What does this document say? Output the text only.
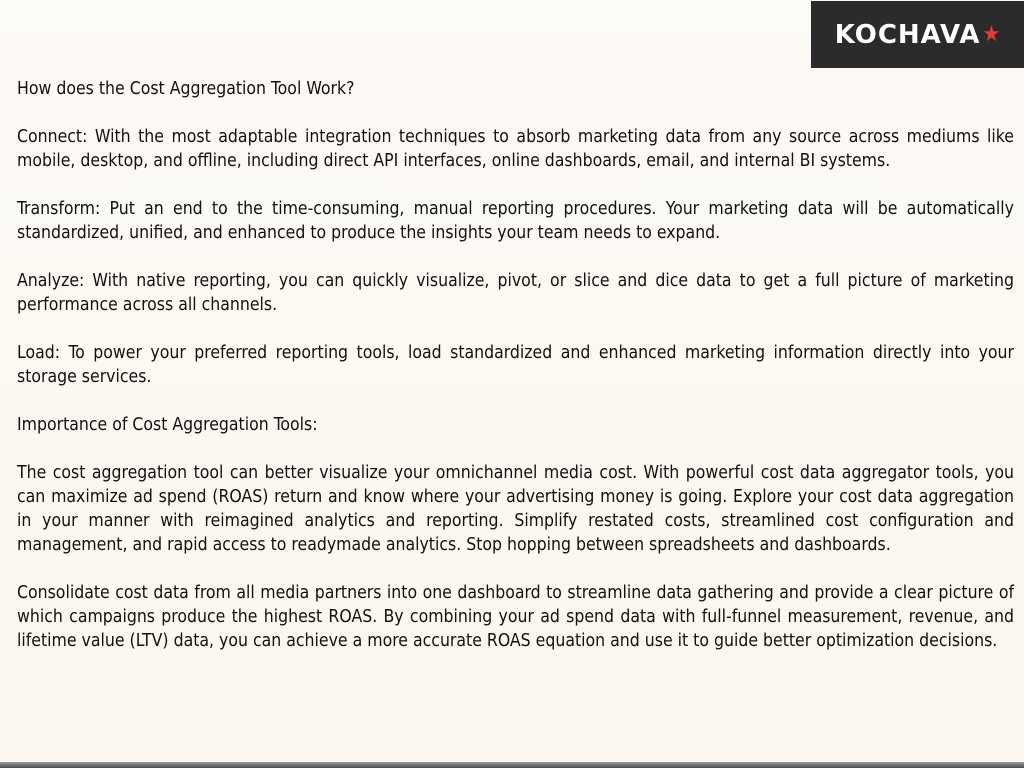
KOCHAVA ★

How does the Cost Aggregation Tool Work?

Connect: With the most adaptable integration techniques to absorb marketing data from any source across mediums like mobile, desktop, and offline, including direct API interfaces, online dashboards, email, and internal BI systems.

Transform: Put an end to the time-consuming, manual reporting procedures. Your marketing data will be automatically standardized, unified, and enhanced to produce the insights your team needs to expand.

Analyze: With native reporting, you can quickly visualize, pivot, or slice and dice data to get a full picture of marketing performance across all channels.

Load: To power your preferred reporting tools, load standardized and enhanced marketing information directly into your storage services.

Importance of Cost Aggregation Tools:

The cost aggregation tool can better visualize your omnichannel media cost. With powerful cost data aggregator tools, you can maximize ad spend (ROAS) return and know where your advertising money is going. Explore your cost data aggregation in your manner with reimagined analytics and reporting. Simplify restated costs, streamlined cost configuration and management, and rapid access to readymade analytics. Stop hopping between spreadsheets and dashboards.

Consolidate cost data from all media partners into one dashboard to streamline data gathering and provide a clear picture of which campaigns produce the highest ROAS. By combining your ad spend data with full-funnel measurement, revenue, and lifetime value (LTV) data, you can achieve a more accurate ROAS equation and use it to guide better optimization decisions.
